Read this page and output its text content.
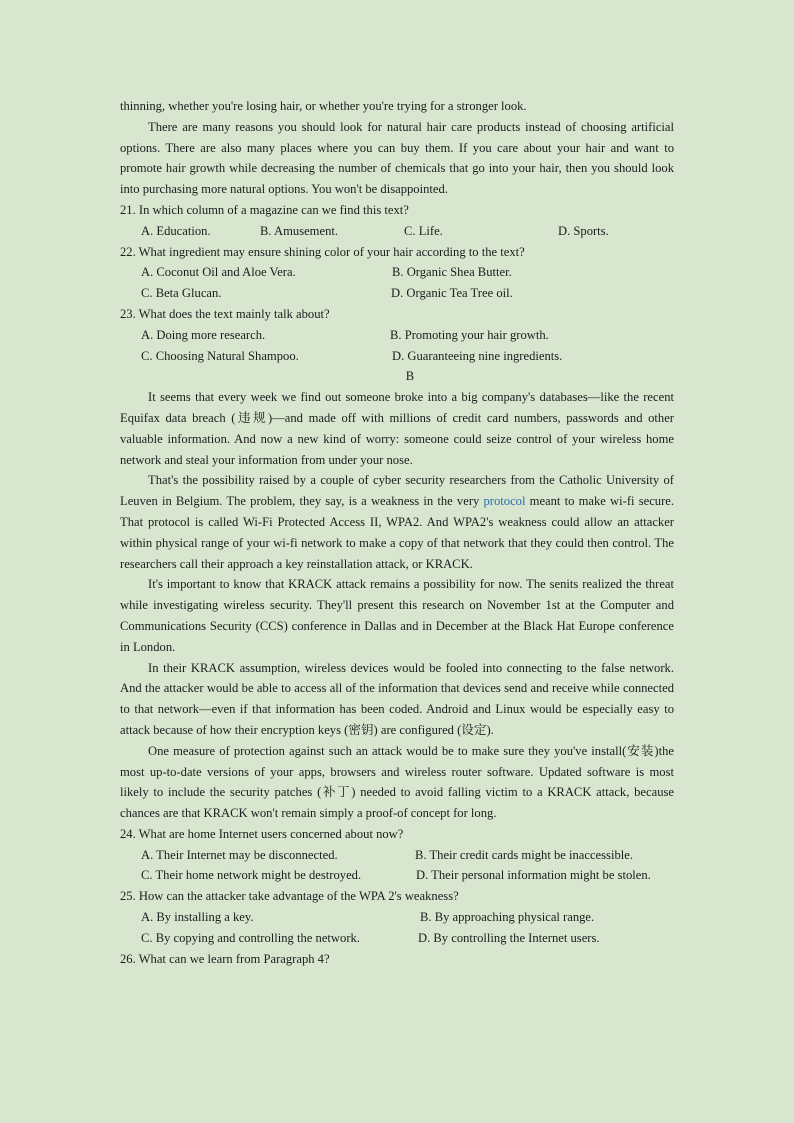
thinning, whether you're losing hair, or whether you're trying for a stronger look.

There are many reasons you should look for natural hair care products instead of choosing artificial options. There are also many places where you can buy them. If you care about your hair and want to promote hair growth while decreasing the number of chemicals that go into your hair, then you should look into purchasing more natural options. You won't be disappointed.

21. In which column of a magazine can we find this text?

A. Education.	B. Amusement.	C. Life.	D. Sports.

22. What ingredient may ensure shining color of your hair according to the text?

A. Coconut Oil and Aloe Vera.	B. Organic Shea Butter.
C. Beta Glucan.	D. Organic Tea Tree oil.

23. What does the text mainly talk about?

A. Doing more research.	B. Promoting your hair growth.
C. Choosing Natural Shampoo.	D. Guaranteeing nine ingredients.

B

It seems that every week we find out someone broke into a big company's databases—like the recent Equifax data breach (违规)—and made off with millions of credit card numbers, passwords and other valuable information. And now a new kind of worry: someone could seize control of your wireless home network and steal your information from under your nose.

That's the possibility raised by a couple of cyber security researchers from the Catholic University of Leuven in Belgium. The problem, they say, is a weakness in the very protocol meant to make wi-fi secure. That protocol is called Wi-Fi Protected Access II, WPA2. And WPA2's weakness could allow an attacker within physical range of your wi-fi network to make a copy of that network that they could then control. The researchers call their approach a key reinstallation attack, or KRACK.

It's important to know that KRACK attack remains a possibility for now. The senits realized the threat while investigating wireless security. They'll present this research on November 1st at the Computer and Communications Security (CCS) conference in Dallas and in December at the Black Hat Europe conference in London.

In their KRACK assumption, wireless devices would be fooled into connecting to the false network. And the attacker would be able to access all of the information that devices send and receive while connected to that network—even if that information has been coded. Android and Linux would be especially easy to attack because of how their encryption keys (密钥) are configured (设定).

One measure of protection against such an attack would be to make sure they you've install(安装)the most up-to-date versions of your apps, browsers and wireless router software. Updated software is most likely to include the security patches (补丁) needed to avoid falling victim to a KRACK attack, because chances are that KRACK won't remain simply a proof-of concept for long.

24. What are home Internet users concerned about now?

A. Their Internet may be disconnected.	B. Their credit cards might be inaccessible.
C. Their home network might be destroyed.	D. Their personal information might be stolen.

25. How can the attacker take advantage of the WPA 2's weakness?

A. By installing a key.	B. By approaching physical range.
C. By copying and controlling the network.	D. By controlling the Internet users.

26. What can we learn from Paragraph 4?
